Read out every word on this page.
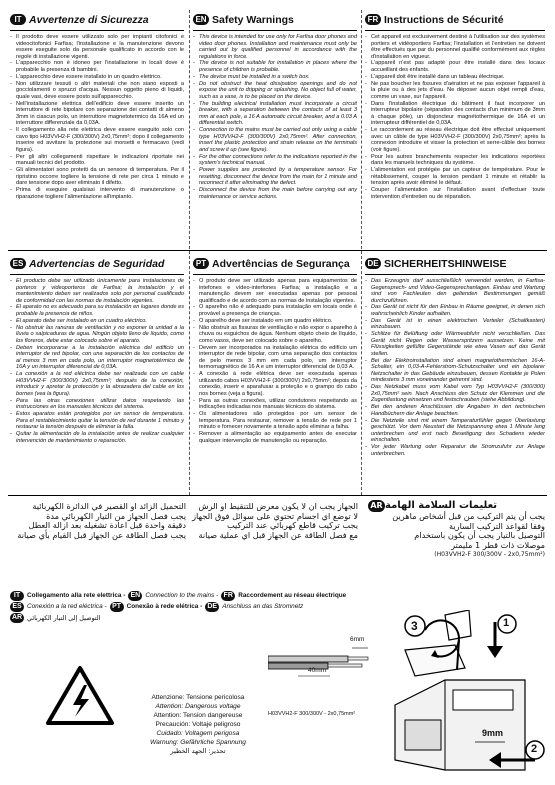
IT Avvertenze di Sicurezza
- Il prodotto deve essere utilizzato solo per impianti citofonici e videocitofonici Farfisa; l'installazione e la manutenzione devono essere eseguite solo da personale qualificato in accordo con le regole di installazione vigenti.
- L'apparecchio non è idoneo per l'installazione in locali dove è probabile la presenza di bambini.
- L'apparecchio deve essere installato in un quadro elettrico.
- Non utilizzare tessuti o altri materiali che non siano esposti a gocciolamenti o spruzzi d'acqua. Nessun oggetto pieno di liquidi, quale vasi, deve essere posto sull'apparecchio.
- Nell'installazione elettrica dell'edificio deve essere inserito un interruttore di rete bipolare con separazione dei contatti di almeno 3mm in ciascun polo, un interruttore magnetotermico da 16A ed un interruttore differenziale da 0,03A.
- Il collegamento alla rete elettrica deve essere eseguito solo con cavo tipo H03VVH2-F (300/300V) 2x0,75mm²; dopo il collegamento inserire ed avvitare la protezione sui morsetti e fermacavo (vedi figura).
- Per gli altri collegamenti rispettare le indicazioni riportate nei manuali tecnici del prodotto.
- Gli alimentatori sono protetti da un sensore di temperatura. Per il ripristino occorre togliere la tensione di rete per circa 1 minuto e dare tensione dopo aver eliminato il difetto.
- Prima di eseguire qualsiasi intervento di manutenzione o riparazione togliere l'alimentazione all'impianto.
EN Safety Warnings
- This device is intended for use only for Farfisa door phones and video door phones. Installation and maintenance must only be carried out by qualified personnel in accordance with the regulations in force.
- The device is not suitable for installation in places where the presence of children is probable.
- The device must be installed in a switch box.
- Do not obstruct the heat dissipation openings and do not expose the unit to dripping or splashing. No object full of water, such as a vase, is to be placed on the device.
- The building electrical installation must incorporate a circuit breaker, with a separation between the contacts of at least 3 mm at each pole, a 16 A automatic circuit breaker, and a 0.03 A differential switch.
- Connection to the mains must be carried out only using a cable type H03VVH2-F (300/300V) 2x0,75mm². After connection, insert the plastic protection and strain release on the terminals and screw it up (see figure).
- For the other connections refer to the indications reported in the system's technical manual.
- Power supplies are protected by a temperature sensor. For resetting, disconnect the device from the main for 1 minute and reconnect it after eliminating the defect.
- Disconnect the device from the main before carrying out any maintenance or service actions.
FR Instructions de Sécurité
- Cet appareil est exclusivement destiné à l'utilisation sur des systèmes portiers et vidéoportiers Farfisa; l'installation et l'entretien ne doivent être effectués que par du personnel qualifié conformément aux règles d'installation en vigueur.
- L'appareil n'est pas adapté pour être installé dans des locaux accueillant des enfants.
- L'appareil doit être installé dans un tableau électrique.
- Ne pas boucher les fissures d'aération et ne pas exposer l'appareil à la pluie ou à des jets d'eau. Ne déposer aucun objet rempli d'eau, comme un vase, sur l'appareil.
- Dans l'installation électrique du bâtiment il faut incorporer un interrupteur bipolaire (séparation des contacts d'un minimum de 3mm à chaque pôle), un disjoncteur magnétothermique de 16A et un interrupteur différentiel de 0,03A.
- Le raccordement au réseau électrique doit être effectué uniquement avec un câble de type H03VVH2-F (300/300V) 2x0,75mm²; après la connexion introduire et visser la protection et serre-câble des bornes (voir figure).
- Pour les autres branchements respecter les indications reportées dans les manuels techniques du système.
- L'alimentation est protégée par un capteur de température. Pour le rétablissement, couper la tension pendant 1 minute et rétablir la tension après avoir éliminé le défaut.
- Couper l'alimentation sur l'installation avant d'effectuer toute intervention d'entretien ou de réparation.
ES Advertencias de Seguridad
- El producto debe ser utilizado únicamente para instalaciones de porteros y videoporteros de Farfisa; la instalación y el mantenimiento deben ser realizados solo por personal cualificado de conformidad con las normas de instalación vigentes.
- El aparato no es adecuado para su instalación en lugares donde es probable la presencia de niños.
- El aparato debe ser instalado en un cuadro eléctrico.
- No obstruir las ranuras de ventilación y no exponer la unidad a la lluvia o salpicaduras de agua. Ningún objeto lleno de líquido, como los floreros, debe estar colocado sobre el aparato.
- Deben incorporarse a la instalación eléctrica del edificio un interruptor de red bipolar, con una separación de los contactos de al menos 3 mm en cada polo, un interruptor magnetotérmico de 16A y un interruptor diferencial de 0,03A.
- La conexión a la red eléctrica debe ser realizada con un cable H03VVH2-F (300/300V) 2x0,75mm²; después de la conexión, introducir y apretar la protección y la abrazadera del cable en los bornes (vea la figura).
- Para las otras conexiones utilizar datos respetando las instrucciones en los manuales técnicos del sistema.
- Estos aparatos están protegidos por un sensor de temperatura. Para el restablecimiento quitar la tensión de red durante 1 minuto y restaurar la tensión después de eliminar la falla.
- Quitar la alimentación de la instalación antes de realizar cualquier intervención de mantenimiento o reparación.
PT Advertências de Segurança
- O produto deve ser utilizado apenas para equipamentos de intefones e vídeo-interfones Farfisa; a instalação e a manutenção devem ser executadas apenas por pessoal qualificado e de acordo com as normas de instalação vigentes.
- O aparelho não é adequado para instalação em locais onde é provável a presença de crianças.
- O aparelho deve ser instalado em um quadro elétrico.
- Não obstruir as fissuras de ventilação e não expor o aparelho à chuva ou esguichos de água. Nenhum objeto cheio de líquido, como vasos, deve ser colocado sobre o aparelho.
- Devem ser incorporados na instalação elétrica do edifício um interruptor de rede bipolar, com uma separação dos contactos de pelo menos 3 mm em cada polo, um interruptor termomagnético de 16 A e um interruptor diferencial de 0,03 A.
- A conexão à rede elétrica deve ser executada apenas utilizando cabos H03VVH2-F (300/300V) 2x0,75mm²; depois da conexão, inserir e aparafusar a proteção e o grampo do cabo nos bornes (veja a figura).
- Para as outras conexões, utilizar condutores respeitando as indicações indicadas nos manuais técnicos do sistema.
- Os alimentadores são protegidos por um sensor de temperatura. Para restaurar, remover a tensão de rede por 1 minuto e fornecer novamente a tensão após eliminar a falha.
- Remover a alimentação ao equipamento antes de executar qualquer intervenção de manutenção ou reparação.
DE SICHERHEITSHINWEISE
- Das Erzeugnis darf ausschließlich verwendet werden, in Farfisa-Gegensprech- und Video-Gegensprechanlagen. Einbau und Wartung sind von Fachleuten den geltenden Bestimmungen gemäß durchzuführen.
- Das Gerät ist nicht für den Einbau in Räume geeignet, in denen sich wahrscheinlich Kinder aufhalten.
- Das Gerät ist in einen elektrischen Verteiler (Schaltkasten) einzubauen.
- Schlitze für Belüftung oder Wärmeabfuhr nicht verschließen. Das Gerät nicht Regen oder Wasserspritzern aussetzen. Keine mit Flüssigkeiten gefüllte Gegenstände wie etwa Vasen auf das Gerät stellen.
- Bei der Elektroinstallation sind einen magnetothermischen 16-A-Schalter, ein 0,03-A-Fehlerstrom-Schutzschalter und ein bipolarer Netzschalter in das Gebäude einzubauen, dessen Kontakte je Polen mindestens 3 mm voneinander getrennt sind.
- Das Netzkabel muss vom Kabel vom Typ H03VVH2-F (300/300) 2x0,75mm² sein. Nach Anschluss den Schutz der Klemmen und die Zugentlastung einsetzen und festschrauben (siehe Abbildung).
- Bei den anderen Anschlüssen die Angaben in den technischen Handbüchern der Anlage beachten.
- Die Netzteile sind mit einem Temperaturfühler gegen Überlastung geschützt. Vor dem Neustart die Netzspannung etwa 1 Minute lang unterbrechen und erst nach Beseitigung des Schadens wieder einschalten.
- Vor jeder Wartung oder Reparatur die Stromzufuhr zur Anlage unterbrechen.
التحميل الزائد او القصير في الدائرة الكهربائية
يجب فصل الجهاز من التيار الكهربائي مدة
دقيقة واحدة قبل اعادة تشغيله بعد ازالة العطل
يجب فصل الطاقة عن الجهاز قبل القيام بأي صيانة
الجهاز يجب ان لا يكون معرض للتنقيط او الرش
لا توضع اي اجسام تحتوي على سوائل فوق الجهاز
يجب تركيب قاطع كهربائي عند التركيب
مع فصل الطاقة عن الجهاز قبل اي عملية صيانة
تعليمات السلامة الهامة
AR
يجب أن يتم التركيب من قبل أشخاص ماهرين
وفقا لقواعد التركيب السارية
التوصيل بالتيار يجب أن يكون باستخدام
موصلات ذات قطر 1 مليمتر
(H03VVH2-F 300/300V - 2x0,75mm²)
IT	Collegamento alla rete elettrica - EN Connection to the mains - FR Raccordement au réseau électrique
ES Conexión a la red eléctrica - PT Conexão à rede elétrica - DE Anschluss an das Stromnetz
AR التوصيل إلى التيار الكهربائي
Attenzione: Tensione pericolosa
Attention: Dangerous voltage
Attention: Tension dangereuse
Precaución: Voltaje peligroso
Cuidado: Voltagem perigosa
Warnung: Gefährliche Spannung
تحذير: الجهد الخطير
6mm
40mm
H03VVH2-F 300/300V - 2x0,75mm²
3	1
2
9mm
